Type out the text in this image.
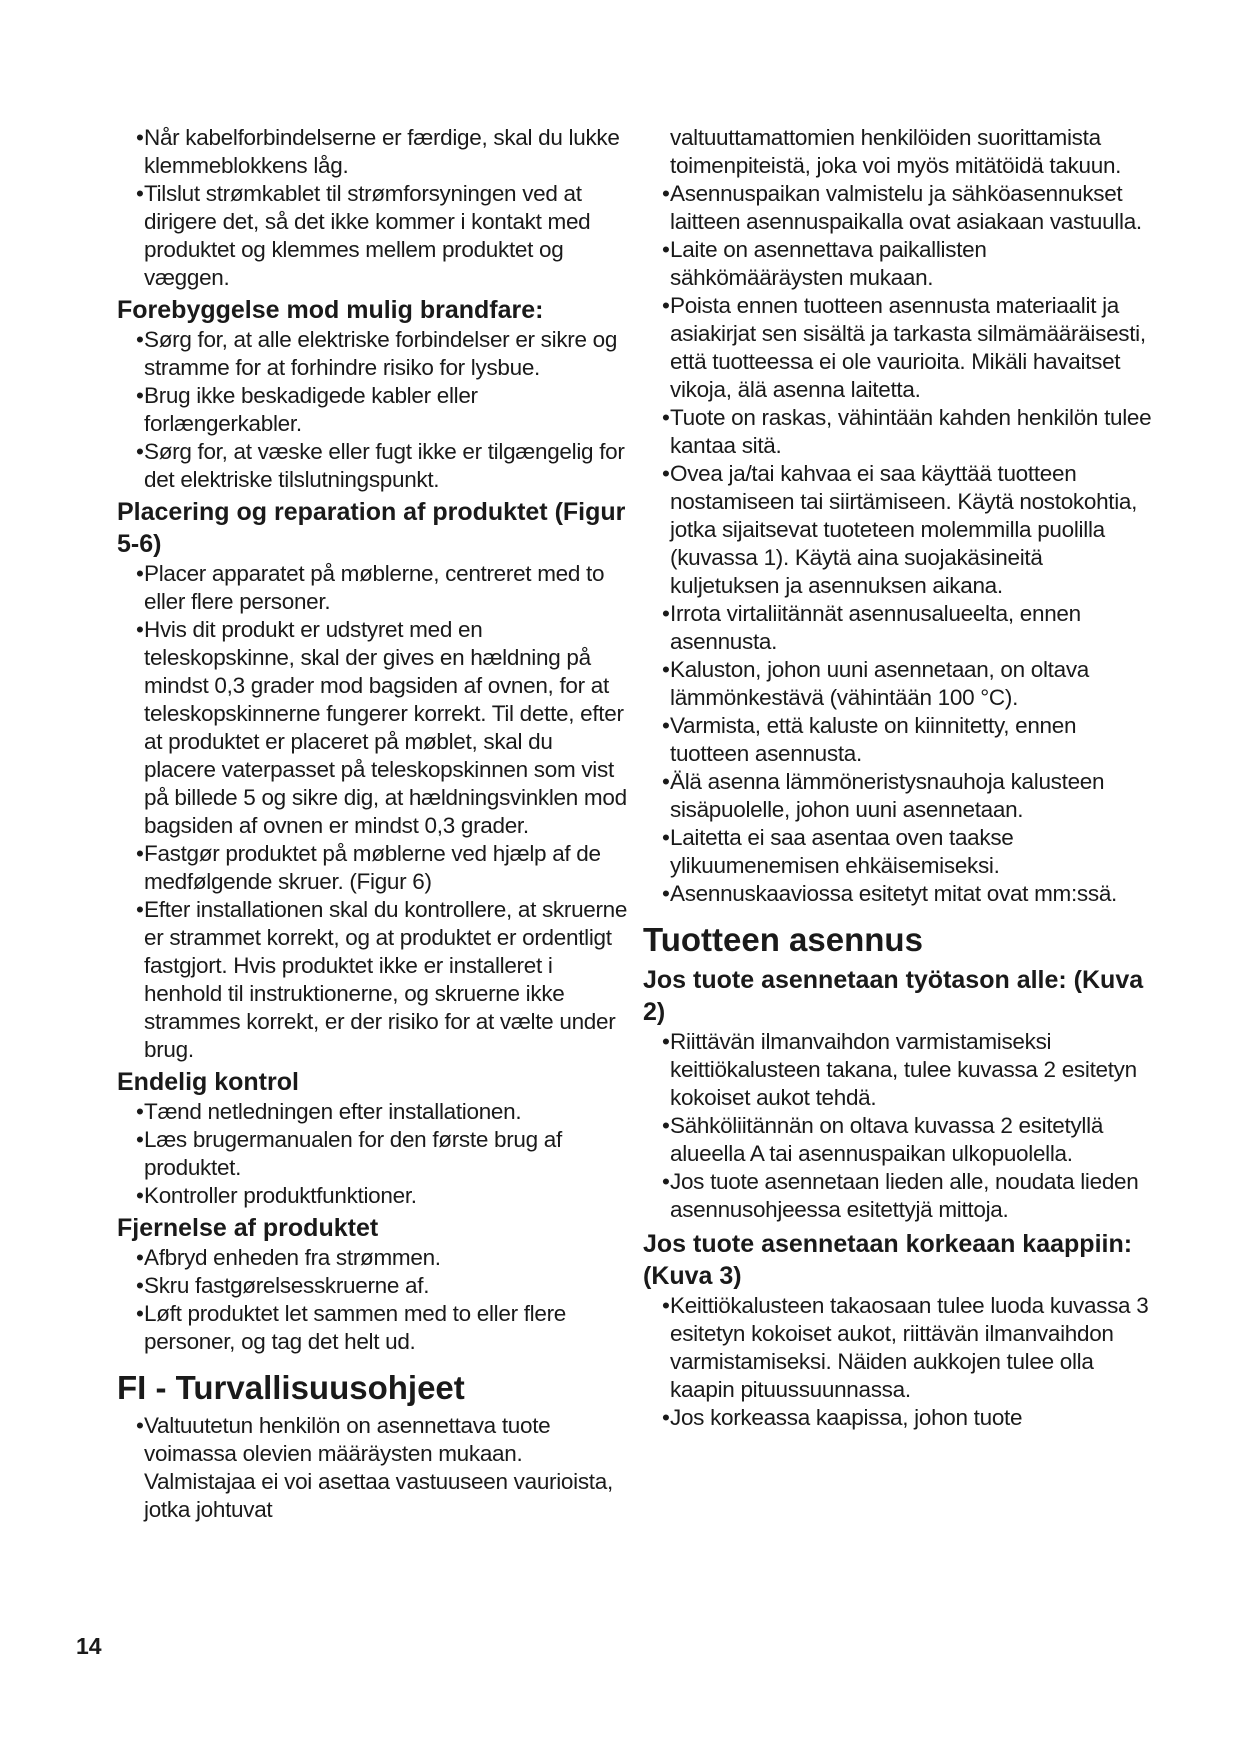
• Når kabelforbindelserne er færdige, skal du lukke klemmeblokkens låg.
• Tilslut strømkablet til strømforsyningen ved at dirigere det, så det ikke kommer i kontakt med produktet og klemmes mellem produktet og væggen.
Forebyggelse mod mulig brandfare:
• Sørg for, at alle elektriske forbindelser er sikre og stramme for at forhindre risiko for lysbue.
• Brug ikke beskadigede kabler eller forlængerkabler.
• Sørg for, at væske eller fugt ikke er tilgængelig for det elektriske tilslutningspunkt.
Placering og reparation af produktet (Figur 5-6)
• Placer apparatet på møblerne, centreret med to eller flere personer.
• Hvis dit produkt er udstyret med en teleskopskinne, skal der gives en hældning på mindst 0,3 grader mod bagsiden af ovnen, for at teleskopskinnerne fungerer korrekt. Til dette, efter at produktet er placeret på møblet, skal du placere vaterpasset på teleskopskinnen som vist på billede 5 og sikre dig, at hældningsvinklen mod bagsiden af ovnen er mindst 0,3 grader.
• Fastgør produktet på møblerne ved hjælp af de medfølgende skruer. (Figur 6)
• Efter installationen skal du kontrollere, at skruerne er strammet korrekt, og at produktet er ordentligt fastgjort. Hvis produktet ikke er installeret i henhold til instruktionerne, og skruerne ikke strammes korrekt, er der risiko for at vælte under brug.
Endelig kontrol
• Tænd netledningen efter installationen.
• Læs brugermanualen for den første brug af produktet.
• Kontroller produktfunktioner.
Fjernelse af produktet
• Afbryd enheden fra strømmen.
• Skru fastgørelsesskruerne af.
• Løft produktet let sammen med to eller flere personer, og tag det helt ud.
FI - Turvallisuusohjeet
• Valtuutetun henkilön on asennettava tuote voimassa olevien määräysten mukaan. Valmistajaa ei voi asettaa vastuuseen vaurioista, jotka johtuvat
valtuuttamattomien henkilöiden suorittamista toimenpiteistä, joka voi myös mitätöidä takuun.
• Asennuspaikan valmistelu ja sähköasennukset laitteen asennuspaikalla ovat asiakaan vastuulla.
• Laite on asennettava paikallisten sähkömääräysten mukaan.
• Poista ennen tuotteen asennusta materiaalit ja asiakirjat sen sisältä ja tarkasta silmämääräisesti, että tuotteessa ei ole vaurioita. Mikäli havaitset vikoja, älä asenna laitetta.
• Tuote on raskas, vähintään kahden henkilön tulee kantaa sitä.
• Ovea ja/tai kahvaa ei saa käyttää tuotteen nostamiseen tai siirtämiseen. Käytä nostokohtia, jotka sijaitsevat tuoteteen molemmilla puolilla (kuvassa 1). Käytä aina suojakäsineitä kuljetuksen ja asennuksen aikana.
• Irrota virtaliitännät asennusalueelta, ennen asennusta.
• Kaluston, johon uuni asennetaan, on oltava lämmönkestävä (vähintään 100 °C).
• Varmista, että kaluste on kiinnitetty, ennen tuotteen asennusta.
• Älä asenna lämmöneristysnauhoja kalusteen sisäpuolelle, johon uuni asennetaan.
• Laitetta ei saa asentaa oven taakse ylikuumenemisen ehkäisemiseksi.
• Asennuskaaviossa esitetyt mitat ovat mm:ssä.
Tuotteen asennus
Jos tuote asennetaan työtason alle: (Kuva 2)
• Riittävän ilmanvaihdon varmistamiseksi keittiökalusteen takana, tulee kuvassa 2 esitetyn kokoiset aukot tehdä.
• Sähköliitännän on oltava kuvassa 2 esitetyllä alueella A tai asennuspaikan ulkopuolella.
• Jos tuote asennetaan lieden alle, noudata lieden asennusohjeessa esitettyjä mittoja.
Jos tuote asennetaan korkeaan kaappiin: (Kuva 3)
• Keittiökalusteen takaosaan tulee luoda kuvassa 3 esitetyn kokoiset aukot, riittävän ilmanvaihdon varmistamiseksi. Näiden aukkojen tulee olla kaapin pituussuunnassa.
• Jos korkeassa kaapissa, johon tuote
14
